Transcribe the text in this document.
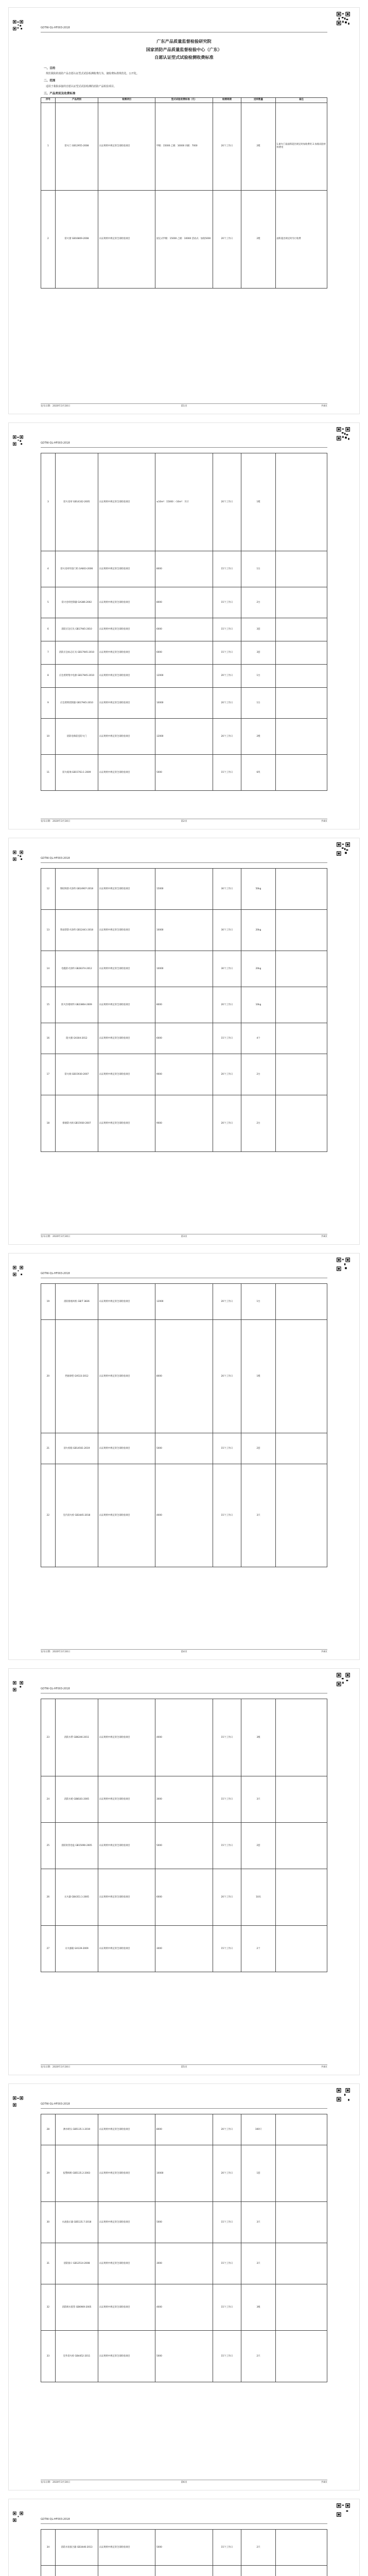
GDTW-QL-HF003-2018
广东产品质量监督检验研究院
国家消防产品质量监督检验中心（广东）
自愿认证型式试验检测收费标准
一、目的
规范我院的消防产品自愿认证型式试验检测收费行为，使收费标准规范化、公开化。
二、范围
适用于我院承接的自愿认证型式试验检测的消防产品检验项目。
三、产品类别及收费标准
序号	产品类别	检测项目	型式试验收费标准（元）	检测周期	送样数量	备注
1	防火门 GB12955-2008	认证规则中规定的全部检验项目	甲级：15000 乙级：10000 丙级：7000	20个工作日	2樘	1.耐火门扇面积超出规定时加收费用 2.加收试验材料费用
2	防火窗 GB16809-2008	认证规则中规定的全部检验项目	固定式甲级：15000 乙级：10000 活动式：加收5000	20个工作日	2樘	面积超出规定时另行收费
发布日期：2020年3月30日	第1页	共8页
GDTW-QL-HF003-2018
3	防火卷帘 GB14102-2005	认证规则中规定的全部检验项目	≤16m²：15000 ＞16m²：另计	20个工作日	1樘	
4	防火卷帘用卷门机 GA603-2006	认证规则中规定的全部检验项目	8000	15个工作日	1台	
5	防火卷帘控制器 GA386-2002	认证规则中规定的全部检验项目	8000	15个工作日	2台	
6	消防应急灯具 GB17945-2010	认证规则中规定的全部检验项目	6000	15个工作日	3套	
7	消防应急标志灯具 GB17945-2010	认证规则中规定的全部检验项目	6000	15个工作日	3套	
8	应急照明集中电源 GB17945-2010	认证规则中规定的全部检验项目	12000	20个工作日	1台	
9	应急照明控制器 GB17945-2010	认证规则中规定的全部检验项目	10000	20个工作日	1台	
10	消防电梯前室防火门	认证规则中规定的全部检验项目	12000	20个工作日	2樘	
11	防火玻璃 GB15763.1-2009	认证规则中规定的全部检验项目	5000	15个工作日	6块	
发布日期：2020年3月30日	第2页	共8页
GDTW-QL-HF003-2018
12	钢结构防火涂料 GB14907-2018	认证规则中规定的全部检验项目	15000	30个工作日	50kg	
13	饰面型防火涂料 GB12441-2018	认证规则中规定的全部检验项目	10000	30个工作日	20kg	
14	电缆防火涂料 GB28374-2012	认证规则中规定的全部检验项目	10000	30个工作日	20kg	
15	防火封堵材料 GB23864-2009	认证规则中规定的全部检验项目	8000	20个工作日	10kg	
16	阻火圈 GA304-2012	认证规则中规定的全部检验项目	6000	15个工作日	4个	
17	防火阀 GB15930-2007	认证规则中规定的全部检验项目	9000	20个工作日	2台	
18	排烟防火阀 GB15930-2007	认证规则中规定的全部检验项目	9000	20个工作日	2台	
发布日期：2020年3月30日	第3页	共8页
GDTW-QL-HF003-2018
19	消防排烟风机 GB/T 3836	认证规则中规定的全部检验项目	12000	20个工作日	1台	
20	挡烟垂壁 GA533-2012	认证规则中规定的全部检验项目	8000	20个工作日	1樘	
21	消火栓箱 GB14561-2019	认证规则中规定的全部检验项目	5000	15个工作日	2套	
22	室内消火栓 GB3445-2018	认证规则中规定的全部检验项目	4000	15个工作日	3只	
发布日期：2020年3月30日	第4页	共8页
GDTW-QL-HF003-2018
23	消防水带 GB6246-2011	认证规则中规定的全部检验项目	4000	15个工作日	3根	
24	消防水枪 GB8181-2005	认证规则中规定的全部检验项目	3000	15个工作日	3只	
25	消防软管卷盘 GB15090-2005	认证规则中规定的全部检验项目	5000	15个工作日	2套	
26	灭火器 GB4351.1-2005	认证规则中规定的全部检验项目	6000	20个工作日	10具	
27	灭火器箱 GA139-2009	认证规则中规定的全部检验项目	3000	15个工作日	2个	
发布日期：2020年3月30日	第5页	共8页
GDTW-QL-HF003-2018
28	洒水喷头 GB5135.1-2019	认证规则中规定的全部检验项目	8000	20个工作日	100只	
29	报警阀组 GB5135.2-2003	认证规则中规定的全部检验项目	10000	20个工作日	1套	
30	水流指示器 GB5135.7-2018	认证规则中规定的全部检验项目	5000	15个工作日	3只	
31	消防接口 GB12514-2008	认证规则中规定的全部检验项目	3000	15个工作日	3只	
32	消防吸水胶管 GB6969-2005	认证规则中规定的全部检验项目	4000	15个工作日	3根	
33	室外消火栓 GB4452-2011	认证规则中规定的全部检验项目	5000	15个工作日	2只	
发布日期：2020年3月30日	第6页	共8页
GDTW-QL-HF003-2018
34	消防水泵接合器 GB3446-2013	认证规则中规定的全部检验项目	5000	15个工作日	2只	
